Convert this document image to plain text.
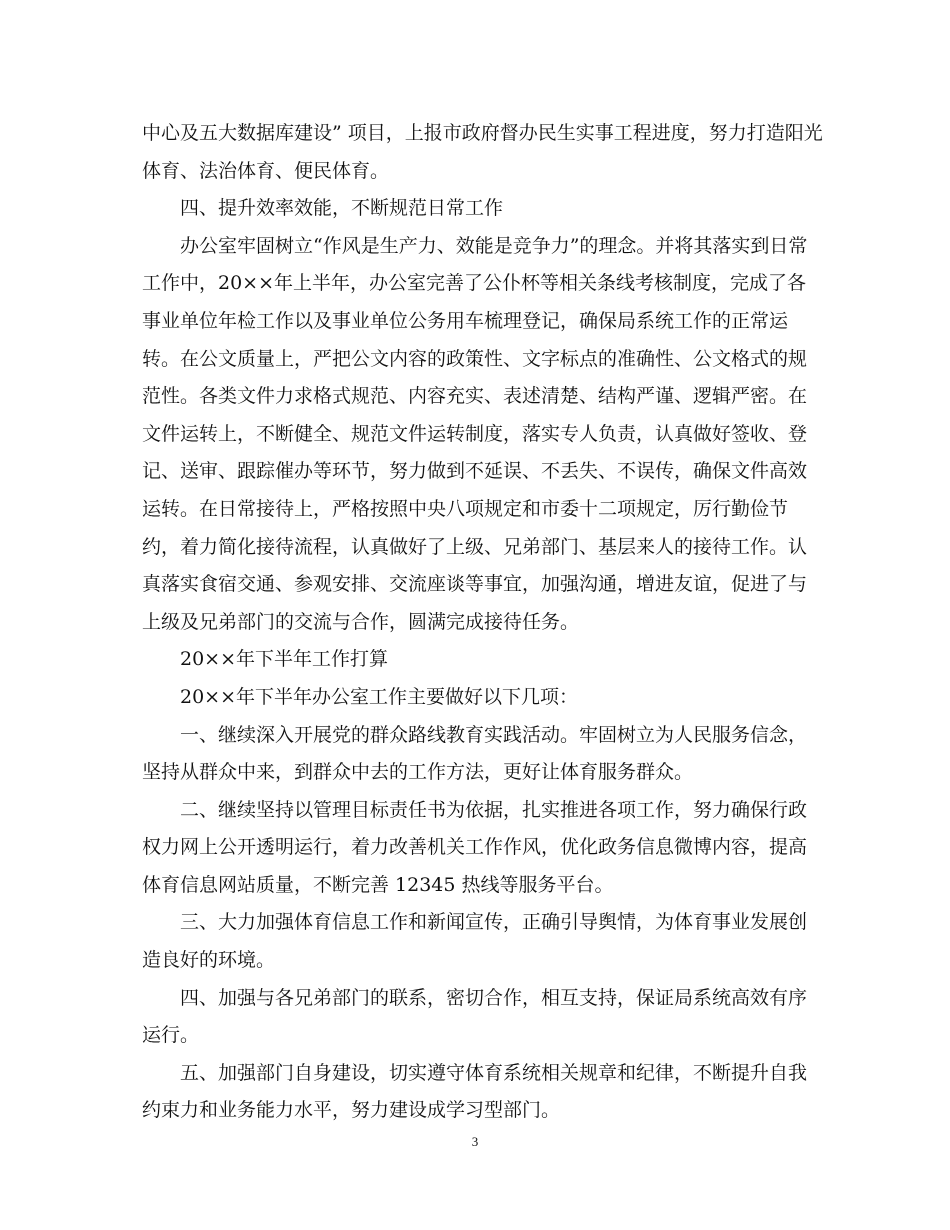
中心及五大数据库建设” 项目，上报市政府督办民生实事工程进度，努力打造阳光
体育、法治体育、便民体育。
四、提升效率效能，不断规范日常工作
办公室牢固树立“作风是生产力、效能是竞争力”的理念。并将其落实到日常
工作中，20××年上半年，办公室完善了公仆杯等相关条线考核制度，完成了各
事业单位年检工作以及事业单位公务用车梳理登记，确保局系统工作的正常运
转。在公文质量上，严把公文内容的政策性、文字标点的准确性、公文格式的规
范性。各类文件力求格式规范、内容充实、表述清楚、结构严谨、逻辑严密。在
文件运转上，不断健全、规范文件运转制度，落实专人负责，认真做好签收、登
记、送审、跟踪催办等环节，努力做到不延误、不丢失、不误传，确保文件高效
运转。在日常接待上，严格按照中央八项规定和市委十二项规定，厉行勤俭节
约，着力简化接待流程，认真做好了上级、兄弟部门、基层来人的接待工作。认
真落实食宿交通、参观安排、交流座谈等事宜，加强沟通，增进友谊，促进了与
上级及兄弟部门的交流与合作，圆满完成接待任务。
20××年下半年工作打算
20××年下半年办公室工作主要做好以下几项：
一、继续深入开展党的群众路线教育实践活动。牢固树立为人民服务信念，
坚持从群众中来，到群众中去的工作方法，更好让体育服务群众。
二、继续坚持以管理目标责任书为依据，扎实推进各项工作，努力确保行政
权力网上公开透明运行，着力改善机关工作作风，优化政务信息微博内容，提高
体育信息网站质量，不断完善 12345 热线等服务平台。
三、大力加强体育信息工作和新闻宣传，正确引导舆情，为体育事业发展创
造良好的环境。
四、加强与各兄弟部门的联系，密切合作，相互支持，保证局系统高效有序
运行。
五、加强部门自身建设，切实遵守体育系统相关规章和纪律，不断提升自我
约束力和业务能力水平，努力建设成学习型部门。
3
